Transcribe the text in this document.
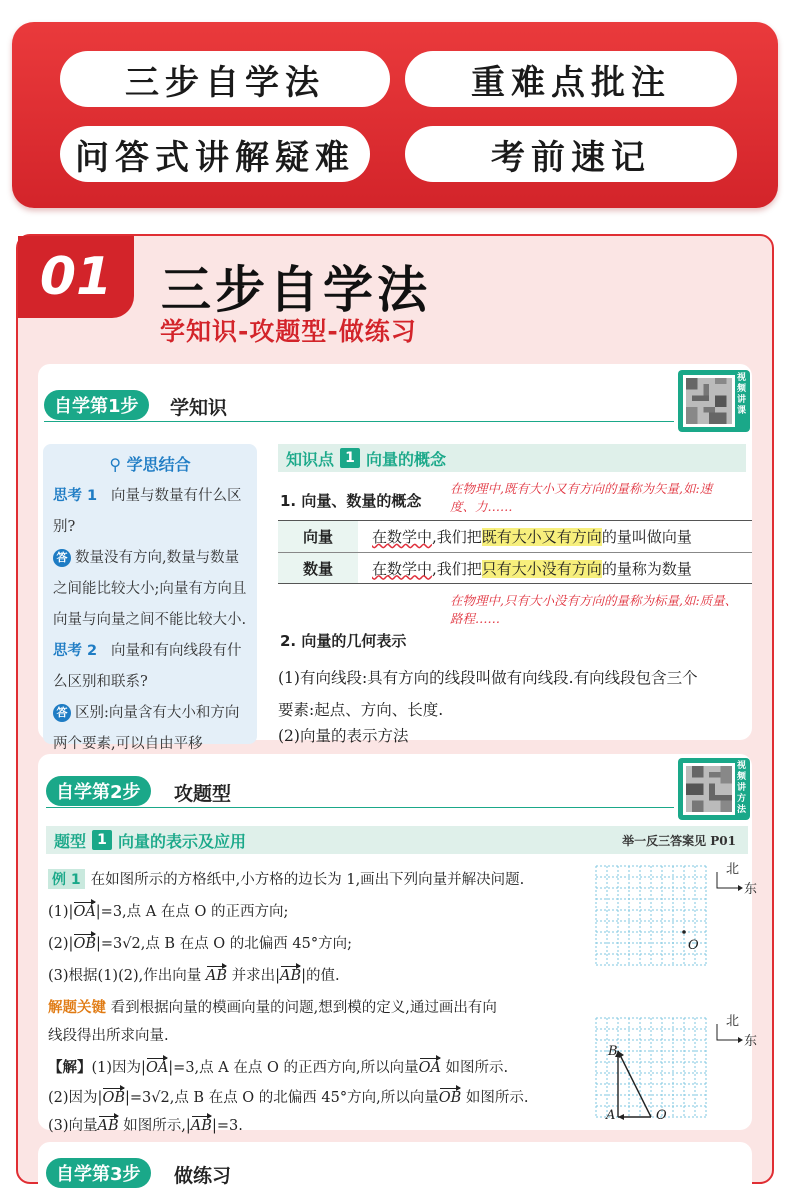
三步自学法	重难点批注
问答式讲解疑难	考前速记
01 三步自学法
学知识-攻题型-做练习
自学第1步	学知识
视频讲课
⚲ 学思结合

思考 1 向量与数量有什么区别?

答 数量没有方向,数量与数量之间能比较大小;向量有方向且向量与向量之间不能比较大小.

思考 2 向量和有向线段有什么区别和联系?

答 区别:向量含有大小和方向两个要素,可以自由平移

知识点 1 向量的概念
1. 向量、数量的概念
在物理中,既有大小又有方向的量称为矢量,如:速度、力……
向量	在数学中,我们把既有大小又有方向的量叫做向量
数量	在数学中,我们把只有大小没有方向的量称为数量
在物理中,只有大小没有方向的量称为标量,如:质量、路程……
2. 向量的几何表示
(1)有向线段:具有方向的线段叫做有向线段.有向线段包含三个
要素:起点、方向、长度.
(2)向量的表示方法
自学第2步	攻题型
视频讲方法
题型 1 向量的表示及应用	举一反三答案见 P01
例 1 在如图所示的方格纸中,小方格的边长为 1,画出下列向量并解决问题.
(1)|OA|=3,点 A 在点 O 的正西方向;
(2)|OB|=3√2,点 B 在点 O 的北偏西 45°方向;
(3)根据(1)(2),作出向量 AB 并求出|AB|的值.
解题关键 看到根据向量的模画向量的问题,想到模的定义,通过画出有向
线段得出所求向量.
【解】(1)因为|OA|=3,点 A 在点 O 的正西方向,所以向量OA 如图所示.
(2)因为|OB|=3√2,点 B 在点 O 的北偏西 45°方向,所以向量OB 如图所示.
(3)向量AB 如图所示,|AB|=3.
O
北
东
B
A	O
北
东
自学第3步	做练习
